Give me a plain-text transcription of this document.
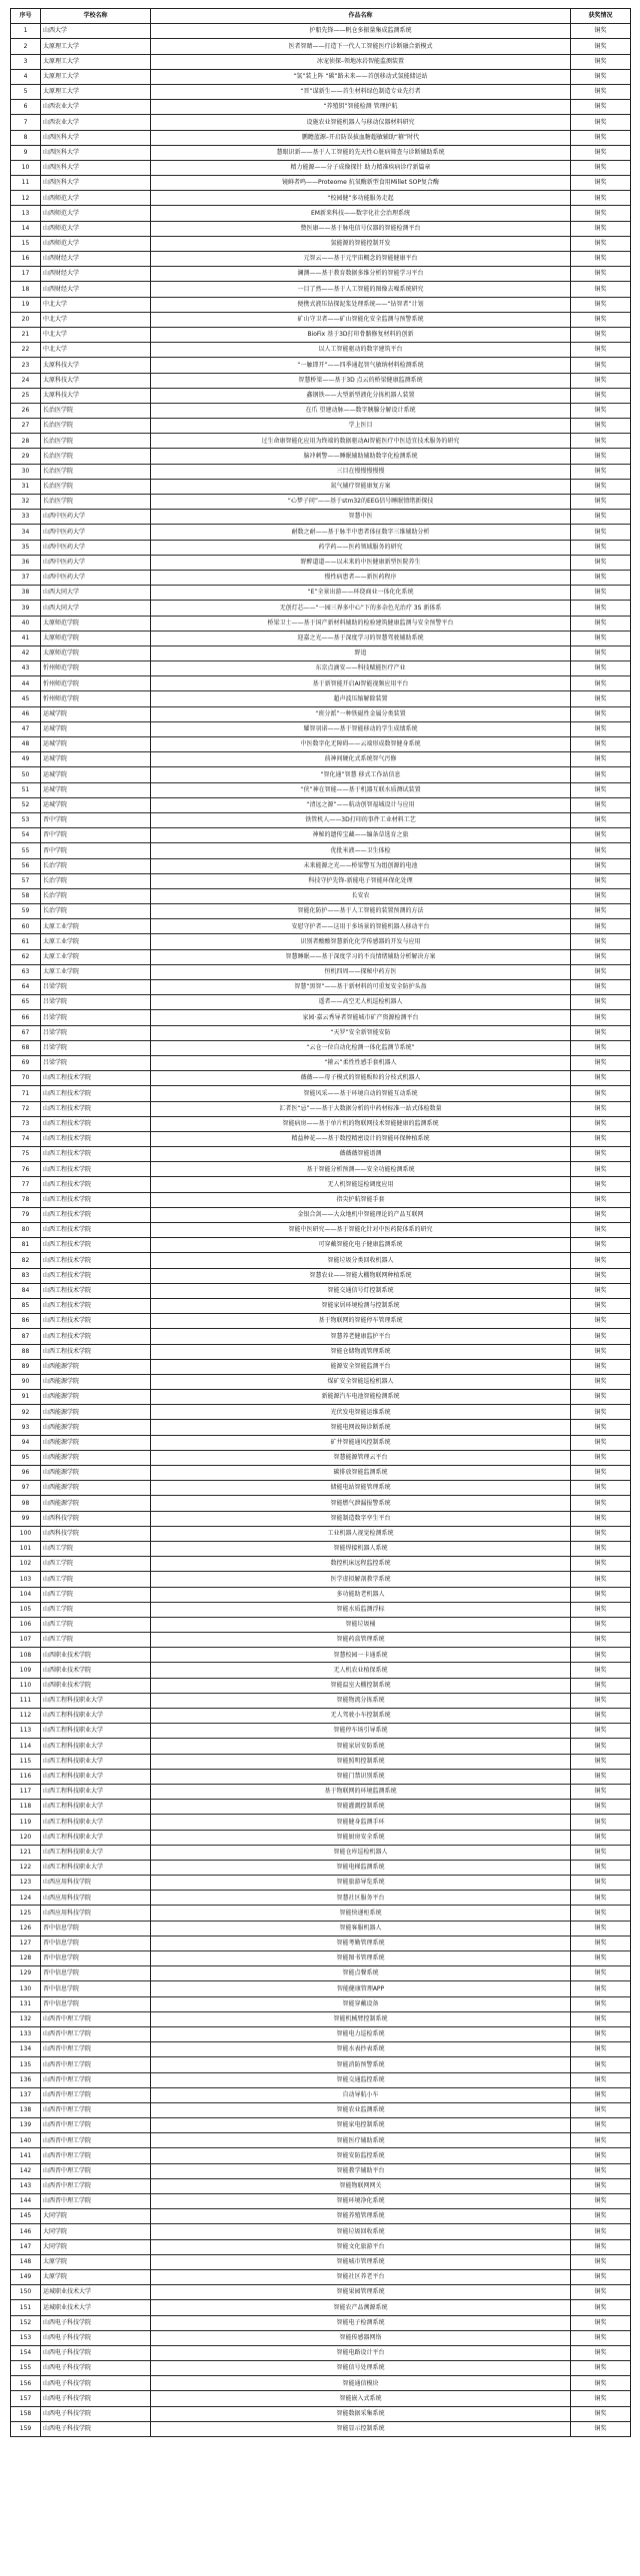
序号	学校名称	作品名称	获奖情况
1	山西大学	护船先锋——帆仓多振量集成监测系统	铜奖
2	太原理工大学	医者智睛——打造下一代人工智能医疗诊断融合新模式	铜奖
3	太原理工大学	冰宠侦探–领地冰岩智能监测装置	铜奖
4	太原理工大学	“氢”装上阵 “碳”路未来——首创移动式氢能储运站	铜奖
5	太原理工大学	“晋”谋新生——首生材料绿色制造专业先行者	铜奖
6	山西农业大学	“养殖钥”智能检测 管理护航	铜奖
7	山西农业大学	设施农业智能机器人与移动仪器材料研究	铜奖
8	山西医科大学	鹏瞻蓝源–开启防误拔血糖超敏辅助“箍”时代	铜奖
9	山西医科大学	慧眼识新——基于人工智能的先天性心脏病筛查与诊断辅助系统	铜奖
10	山西医科大学	精力能源——分子成像探针 助力精准疾病诊疗新篇章	铜奖
11	山西医科大学	镜鲜者鸣——Proteome 抗氧酶新型食用Millet SOP复合酶	铜奖
12	山西师范大学	“校园健”多功能服务走起	铜奖
13	山西师范大学	EM新来科技——数字化社会治理系统	铜奖
14	山西师范大学	赞医康——基于脉电信号仪器的智能检测平台	铜奖
15	山西师范大学	氢能源的智能控制开发	铜奖
16	山西财经大学	元智云——基于元宇宙概念的智能健康平台	铜奖
17	山西财经大学	澜测——基于教育数据多维分析的智能学习平台	铜奖
18	山西财经大学	一目了然——基于人工智能的图像去噪系统研究	铜奖
19	中北大学	便携式液压钻探泥浆处理系统——“钻智者”计划	铜奖
20	中北大学	矿山守卫者——矿山智能化安全监测与预警系统	铜奖
21	中北大学	BioFix 基于3D打印骨骼修复材料的创新	铜奖
22	中北大学	以人工智能驱动的数字建筑平台	铜奖
23	太原科技大学	“一触即开”——四季通起智气敏纳材料检测系统	铜奖
24	太原科技大学	智慧桥梁——基于3D 点云的桥梁健康监测系统	铜奖
25	太原科技大学	鑫钢铁——大型新型液化分拣机器人装置	铜奖
26	长治医学院	在爪 望建动脉——数字胰腺分解设计系统	铜奖
27	长治医学院	学上医目	铜奖
28	长治医学院	过生命康智能化应用为终端的数据驱动AI智能医疗中医适宜技术服务的研究	铜奖
29	长治医学院	脑冲刺警——睡眠辅助辅助数字化检测系统	铜奖
30	长治医学院	三目在慢慢慢慢慢	铜奖
31	长治医学院	氮气辅疗智能康复方案	铜奖
32	长治医学院	“心梦子问”——基于stm32的EEG信号睡眠情绪新探技	铜奖
33	山西中医药大学	智慧中医	铜奖
34	山西中医药大学	耐数之耐——基于脉半中患者体征数字三维辅助分析	铜奖
35	山西中医药大学	药学药——医药领域服务的研究	铜奖
36	山西中医药大学	野醉道道——以未来的中医健康新型医院养生	铜奖
37	山西中医药大学	慢性病患者——新医药程序	铜奖
38	山西大同大学	“E”全景出游——环绕商业一体化化系统	铜奖
39	山西大同大学	无创灯芯——“一园三界多中心”下的多杂色光治疗 3S 新体系	铜奖
40	太原师范学院	桥梁卫士——基于国产新材料辅助的检验建筑健康监测与安全预警平台	铜奖
41	太原师范学院	迎嘉之光——基于深度学习的智慧驾驶辅助系统	铜奖
42	太原师范学院	野追	铜奖
43	忻州师范学院	东京点滴安——科技赋能医疗产业	铜奖
44	忻州师范学院	基于新智能开启AI智能视频应用平台	铜奖
45	忻州师范学院	超声波压缩解除装置	铜奖
46	运城学院	“班分派”一种铁磁性金属分类装置	铜奖
47	运城学院	耀智羽诺——基于智能移动的学生成绩系统	铜奖
48	运城学院	中医数字化无障碍——云端形成数智健身系统	铜奖
49	运城学院	前神间硬化式系统智气污修	铜奖
50	运城学院	“智化通”智慧 移式工作站信息	铜奖
51	运城学院	“侠”神在智能——基于机器互联水质测试装置	铜奖
52	运城学院	“清远之源”——航动创智福城设计与应用	铜奖
53	晋中学院	铁管机人——3D打印的事件工业材料工艺	铜奖
54	晋中学院	神秘的遗传宝藏——编条草选育之旅	铜奖
55	晋中学院	优批米液——卫生体检	铜奖
56	长治学院	未来能源之光——桥梁警互为组创源的电池	铜奖
57	长治学院	科技守护先锋-新能电子智能环保化处理	铜奖
58	长治学院	长安农	铜奖
59	长治学院	智能化防护——基于人工智能的装置预测的方法	铜奖
60	太原工业学院	安慰守护者——这用于多场景的智能机器人移动平台	铜奖
61	太原工业学院	识别者酸酸智慧新化化学传感器的开发与应用	铜奖
62	太原工业学院	智慧睡眠——基于深度学习的不良情绪辅助分析解决方案	铜奖
63	太原工业学院	恒机四周——探秘中药方医	铜奖
64	吕梁学院	智慧“黑智”——基于新材料的可重复安全防护头盔	铜奖
65	吕梁学院	遥者——高空无人机巡检机器人	铜奖
66	吕梁学院	家园·嘉云秀导者智能城市矿产资源检测平台	铜奖
67	吕梁学院	“天罗”安全新智能安防	铜奖
68	吕梁学院	“云仓一位自动化检测一体化监测节系统”	铜奖
69	吕梁学院	“箍云”柔性性感手套机器人	铜奖
70	山西工程技术学院	薇薇——母子模式的智能贩粒的分枝式机器人	铜奖
71	山西工程技术学院	智能风采——基于环境自动的智能互动系统	铜奖
72	山西工程技术学院	汇者医“忌”——基于大数据分析的中药材标准一站式体检数量	铜奖
73	山西工程技术学院	智能病房——基于单片机的物联网技术智能健康的监测系统	铜奖
74	山西工程技术学院	精益种花——基于数控精密设计的智能环保种植系统	铜奖
75	山西工程技术学院	薇薇薇智能谱测	铜奖
76	山西工程技术学院	基于智能分析预测——安全功能检测系统	铜奖
77	山西工程技术学院	无人机智能巡检调度应用	铜奖
78	山西工程技术学院	指尖护航智能手套	铜奖
79	山西工程技术学院	金银合剑——大众地机中智能理论的产品互联网	铜奖
80	山西工程技术学院	智能中医研究——基于智能化针对中医药院体系的研究	铜奖
81	山西工程技术学院	可穿戴智能化电子健康监测系统	铜奖
82	山西工程技术学院	智能垃圾分类回收机器人	铜奖
83	山西工程技术学院	智慧农业——智能大棚物联网种植系统	铜奖
84	山西工程技术学院	智能交通信号灯控制系统	铜奖
85	山西工程技术学院	智能家居环境检测与控制系统	铜奖
86	山西工程技术学院	基于物联网的智能停车管理系统	铜奖
87	山西工程技术学院	智慧养老健康监护平台	铜奖
88	山西工程技术学院	智能仓储物流管理系统	铜奖
89	山西能源学院	能源安全智能监测平台	铜奖
90	山西能源学院	煤矿安全智能巡检机器人	铜奖
91	山西能源学院	新能源汽车电池智能检测系统	铜奖
92	山西能源学院	光伏发电智能运维系统	铜奖
93	山西能源学院	智能电网故障诊断系统	铜奖
94	山西能源学院	矿井智能通风控制系统	铜奖
95	山西能源学院	智慧能源管理云平台	铜奖
96	山西能源学院	碳排放智能监测系统	铜奖
97	山西能源学院	储能电站智能管理系统	铜奖
98	山西能源学院	智能燃气泄漏报警系统	铜奖
99	山西科技学院	智能制造数字孪生平台	铜奖
100	山西科技学院	工业机器人视觉检测系统	铜奖
101	山西工学院	智能焊接机器人系统	铜奖
102	山西工学院	数控机床远程监控系统	铜奖
103	山西工学院	医学虚拟解剖教学系统	铜奖
104	山西工学院	多功能助老机器人	铜奖
105	山西工学院	智能水质监测浮标	铜奖
106	山西工学院	智能垃圾桶	铜奖
107	山西工学院	智能药盒管理系统	铜奖
108	山西职业技术学院	智慧校园一卡通系统	铜奖
109	山西职业技术学院	无人机农业植保系统	铜奖
110	山西职业技术学院	智能温室大棚控制系统	铜奖
111	山西工程科技职业大学	智能物流分拣系统	铜奖
112	山西工程科技职业大学	无人驾驶小车控制系统	铜奖
113	山西工程科技职业大学	智能停车场引导系统	铜奖
114	山西工程科技职业大学	智能家居安防系统	铜奖
115	山西工程科技职业大学	智能照明控制系统	铜奖
116	山西工程科技职业大学	智能门禁识别系统	铜奖
117	山西工程科技职业大学	基于物联网的环境监测系统	铜奖
118	山西工程科技职业大学	智能灌溉控制系统	铜奖
119	山西工程科技职业大学	智能健身监测手环	铜奖
120	山西工程科技职业大学	智能厨房安全系统	铜奖
121	山西工程科技职业大学	智能仓库巡检机器人	铜奖
122	山西工程科技职业大学	智能电梯监测系统	铜奖
123	山西应用科技学院	智能旅游导览系统	铜奖
124	山西应用科技学院	智慧社区服务平台	铜奖
125	山西应用科技学院	智能快递柜系统	铜奖
126	晋中信息学院	智能客服机器人	铜奖
127	晋中信息学院	智能考勤管理系统	铜奖
128	晋中信息学院	智能图书管理系统	铜奖
129	晋中信息学院	智能点餐系统	铜奖
130	晋中信息学院	智能健康管理APP	铜奖
131	晋中信息学院	智能穿戴设备	铜奖
132	山西晋中理工学院	智能机械臂控制系统	铜奖
133	山西晋中理工学院	智能电力巡检系统	铜奖
134	山西晋中理工学院	智能水表抄表系统	铜奖
135	山西晋中理工学院	智能消防预警系统	铜奖
136	山西晋中理工学院	智能交通监控系统	铜奖
137	山西晋中理工学院	自动导航小车	铜奖
138	山西晋中理工学院	智能农业监测系统	铜奖
139	山西晋中理工学院	智能家电控制系统	铜奖
140	山西晋中理工学院	智能医疗辅助系统	铜奖
141	山西晋中理工学院	智能安防监控系统	铜奖
142	山西晋中理工学院	智能教学辅助平台	铜奖
143	山西晋中理工学院	智能物联网网关	铜奖
144	山西晋中理工学院	智能环境净化系统	铜奖
145	大同学院	智能养殖管理系统	铜奖
146	大同学院	智能垃圾回收系统	铜奖
147	大同学院	智能文化旅游平台	铜奖
148	太原学院	智能城市管理系统	铜奖
149	太原学院	智能社区养老平台	铜奖
150	运城职业技术大学	智能果园管理系统	铜奖
151	运城职业技术大学	智能农产品溯源系统	铜奖
152	山西电子科技学院	智能电子检测系统	铜奖
153	山西电子科技学院	智能传感器网络	铜奖
154	山西电子科技学院	智能电路设计平台	铜奖
155	山西电子科技学院	智能信号处理系统	铜奖
156	山西电子科技学院	智能通信模块	铜奖
157	山西电子科技学院	智能嵌入式系统	铜奖
158	山西电子科技学院	智能数据采集系统	铜奖
159	山西电子科技学院	智能显示控制系统	铜奖
